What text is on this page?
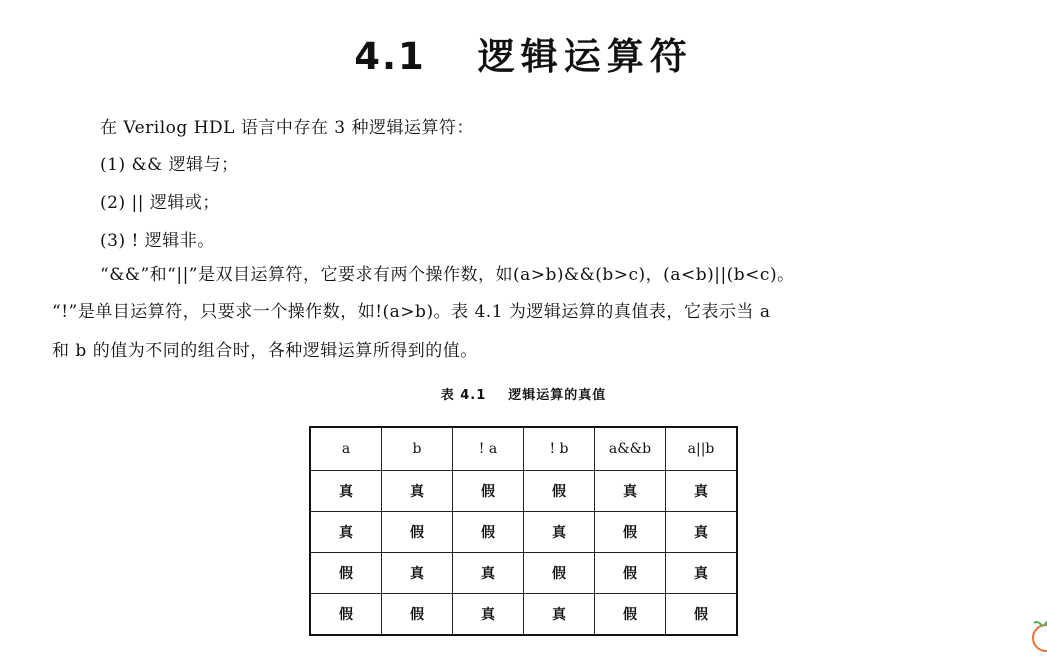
4.1 逻辑运算符
在 Verilog HDL 语言中存在 3 种逻辑运算符：
(1) && 逻辑与；
(2) || 逻辑或；
(3) ! 逻辑非。
“&&”和“||”是双目运算符，它要求有两个操作数，如(a>b)&&(b>c)，(a<b)||(b<c)。
“!”是单目运算符，只要求一个操作数，如!(a>b)。表 4.1 为逻辑运算的真值表，它表示当 a
和 b 的值为不同的组合时，各种逻辑运算所得到的值。
表 4.1 逻辑运算的真值
a	b	! a	! b	a&&b	a||b
真	真	假	假	真	真
真	假	假	真	假	真
假	真	真	假	假	真
假	假	真	真	假	假
